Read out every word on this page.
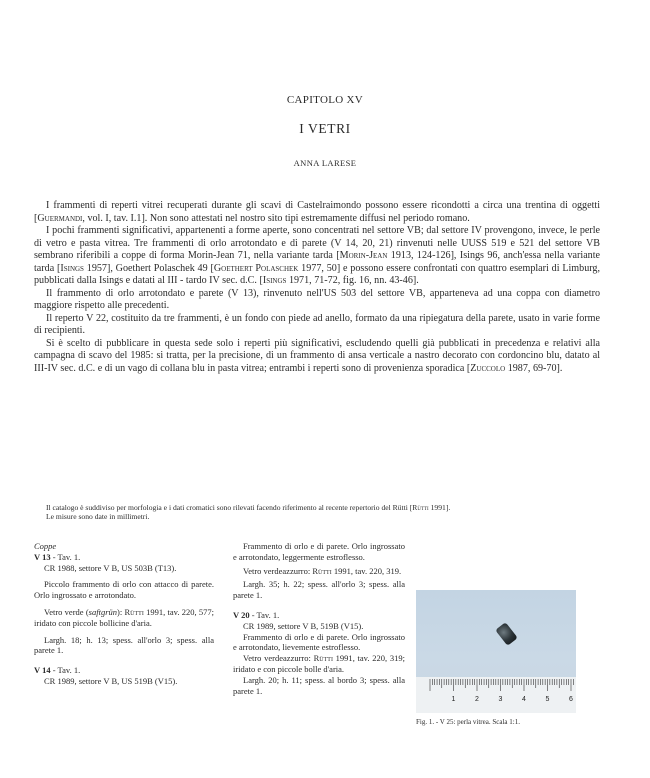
CAPITOLO XV
I VETRI
ANNA LARESE

I frammenti di reperti vitrei recuperati durante gli scavi di Castelraimondo possono essere ricondotti a circa una trentina di oggetti [Guermandi, vol. I, tav. I.1]. Non sono attestati nel nostro sito tipi estremamente diffusi nel periodo romano.

I pochi frammenti significativi, appartenenti a forme aperte, sono concentrati nel settore VB; dal settore IV provengono, invece, le perle di vetro e pasta vitrea. Tre frammenti di orlo arrotondato e di parete (V 14, 20, 21) rinvenuti nelle UUSS 519 e 521 del settore VB sembrano riferibili a coppe di forma Morin-Jean 71, nella variante tarda [Morin-Jean 1913, 124-126], Isings 96, anch'essa nella variante tarda [Isings 1957], Goethert Polaschek 49 [Goethert Polaschek 1977, 50] e possono essere confrontati con quattro esemplari di Limburg, pubblicati dalla Isings e datati al III - tardo IV sec. d.C. [Isings 1971, 71-72, fig. 16, nn. 43-46].

Il frammento di orlo arrotondato e parete (V 13), rinvenuto nell'US 503 del settore VB, apparteneva ad una coppa con diametro maggiore rispetto alle precedenti.

Il reperto V 22, costituito da tre frammenti, è un fondo con piede ad anello, formato da una ripiegatura della parete, usato in varie forme di recipienti.

Si è scelto di pubblicare in questa sede solo i reperti più significativi, escludendo quelli già pubblicati in precedenza e relativi alla campagna di scavo del 1985: si tratta, per la precisione, di un frammento di ansa verticale a nastro decorato con cordoncino blu, datato al III-IV sec. d.C. e di un vago di collana blu in pasta vitrea; entrambi i reperti sono di provenienza sporadica [Zuccolo 1987, 69-70].

Il catalogo è suddiviso per morfologia e i dati cromatici sono rilevati facendo riferimento al recente repertorio del Rütti [Rütti 1991].

Le misure sono date in millimetri.

Coppe

V 13 - Tav. 1.

CR 1988, settore V B, US 503B (T13).

Piccolo frammento di orlo con attacco di parete. Orlo ingrossato e arrotondato.

Vetro verde (saftgrün): Rütti 1991, tav. 220, 577; iridato con piccole bollicine d'aria.

Largh. 18; h. 13; spess. all'orlo 3; spess. alla parete 1.

V 14 - Tav. 1.

CR 1989, settore V B, US 519B (V15).

Frammento di orlo e di parete. Orlo ingrossato e arrotondato, leggermente estroflesso.

Vetro verdeazzurro: Rütti 1991, tav. 220, 319.

Largh. 35; h. 22; spess. all'orlo 3; spess. alla parete 1.

V 20 - Tav. 1.

CR 1989, settore V B, 519B (V15).

Frammento di orlo e di parete. Orlo ingrossato e arrotondato, lievemente estroflesso.

Vetro verdeazzurro: Rütti 1991, tav. 220, 319; iridato e con piccole bolle d'aria.

Largh. 20; h. 11; spess. al bordo 3; spess. alla parete 1.

1	2	3	4	5	6
Fig. 1. - V 25: perla vitrea. Scala 1:1.
